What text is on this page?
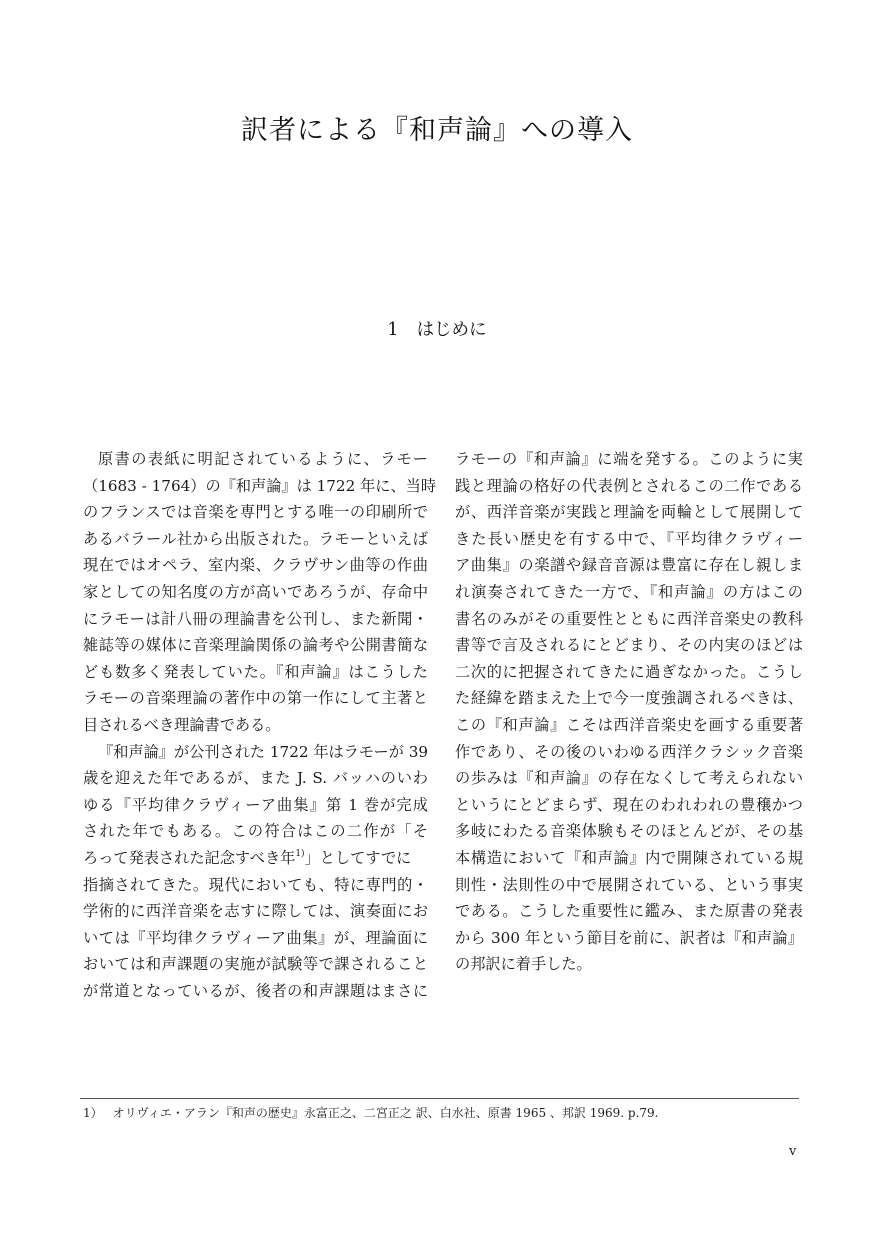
訳者による『和声論』への導入
1 はじめに
原書の表紙に明記されているように、ラモー
（1683 - 1764）の『和声論』は 1722 年に、当時
のフランスでは音楽を専門とする唯一の印刷所で
あるバラール社から出版された。ラモーといえば
現在ではオペラ、室内楽、クラヴサン曲等の作曲
家としての知名度の方が高いであろうが、存命中
にラモーは計八冊の理論書を公刊し、また新聞・
雑誌等の媒体に音楽理論関係の論考や公開書簡な
ども数多く発表していた。『和声論』はこうした
ラモーの音楽理論の著作中の第一作にして主著と
目されるべき理論書である。
『和声論』が公刊された 1722 年はラモーが 39
歳を迎えた年であるが、また J. S. バッハのいわ
ゆる『平均律クラヴィーア曲集』第 1 巻が完成
された年でもある。この符合はこの二作が「そ
ろって発表された記念すべき年$^{1)}$」としてすでに
指摘されてきた。現代においても、特に専門的・
学術的に西洋音楽を志すに際しては、演奏面にお
いては『平均律クラヴィーア曲集』が、理論面に
おいては和声課題の実施が試験等で課されること
が常道となっているが、後者の和声課題はまさに
ラモーの『和声論』に端を発する。このように実
践と理論の格好の代表例とされるこの二作である
が、西洋音楽が実践と理論を両輪として展開して
きた長い歴史を有する中で、『平均律クラヴィー
ア曲集』の楽譜や録音音源は豊富に存在し親しま
れ演奏されてきた一方で、『和声論』の方はこの
書名のみがその重要性とともに西洋音楽史の教科
書等で言及されるにとどまり、その内実のほどは
二次的に把握されてきたに過ぎなかった。こうし
た経緯を踏まえた上で今一度強調されるべきは、
この『和声論』こそは西洋音楽史を画する重要著
作であり、その後のいわゆる西洋クラシック音楽
の歩みは『和声論』の存在なくして考えられない
というにとどまらず、現在のわれわれの豊穣かつ
多岐にわたる音楽体験もそのほとんどが、その基
本構造において『和声論』内で開陳されている規
則性・法則性の中で展開されている、という事実
である。こうした重要性に鑑み、また原書の発表
から 300 年という節目を前に、訳者は『和声論』
の邦訳に着手した。
1） オリヴィエ・アラン『和声の歴史』永富正之、二宮正之 訳、白水社、原書 1965 、邦訳 1969. p.79.
v
